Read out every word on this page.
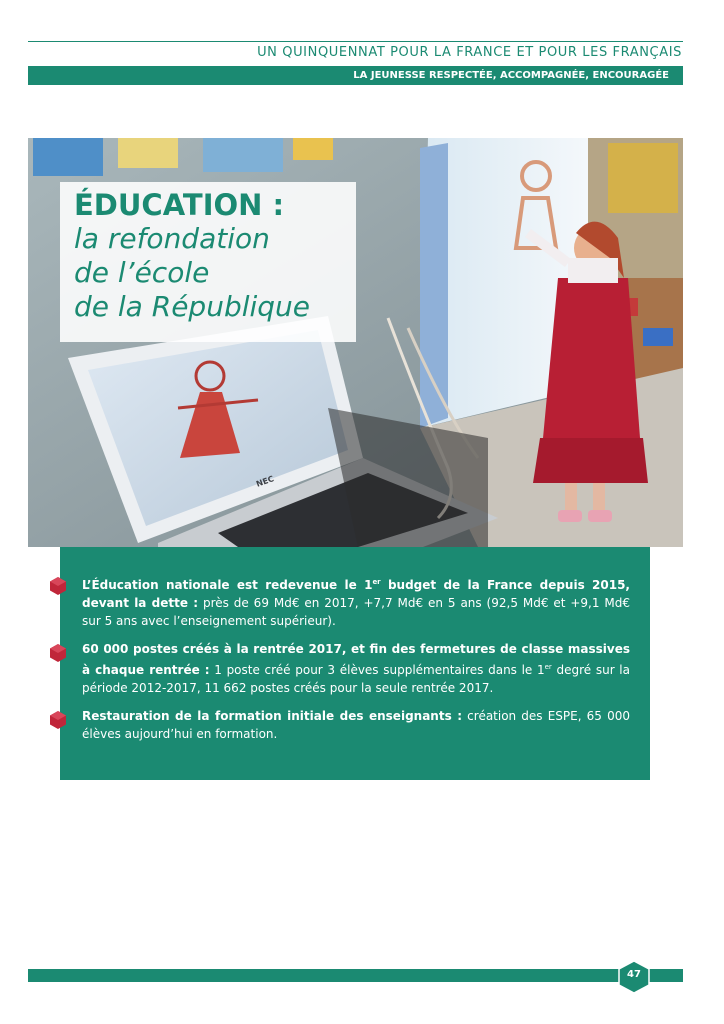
UN QUINQUENNAT POUR LA FRANCE ET POUR LES FRANÇAIS
LA JEUNESSE RESPECTÉE, ACCOMPAGNÉE, ENCOURAGÉE
NEC

ÉDUCATION :

la refondation

de l’école

de la République

L’Éducation nationale est redevenue le 1er budget de la France depuis 2015, devant la dette : près de 69 Md€ en 2017, +7,7 Md€ en 5 ans (92,5 Md€ et +9,1 Md€ sur 5 ans avec l’enseignement supérieur).
60 000 postes créés à la rentrée 2017, et fin des fermetures de classe massives à chaque rentrée : 1 poste créé pour 3 élèves supplémentaires dans le 1er degré sur la période 2012-2017, 11 662 postes créés pour la seule rentrée 2017.
Restauration de la formation initiale des enseignants : création des ESPE, 65 000 élèves aujourd’hui en formation.
47
